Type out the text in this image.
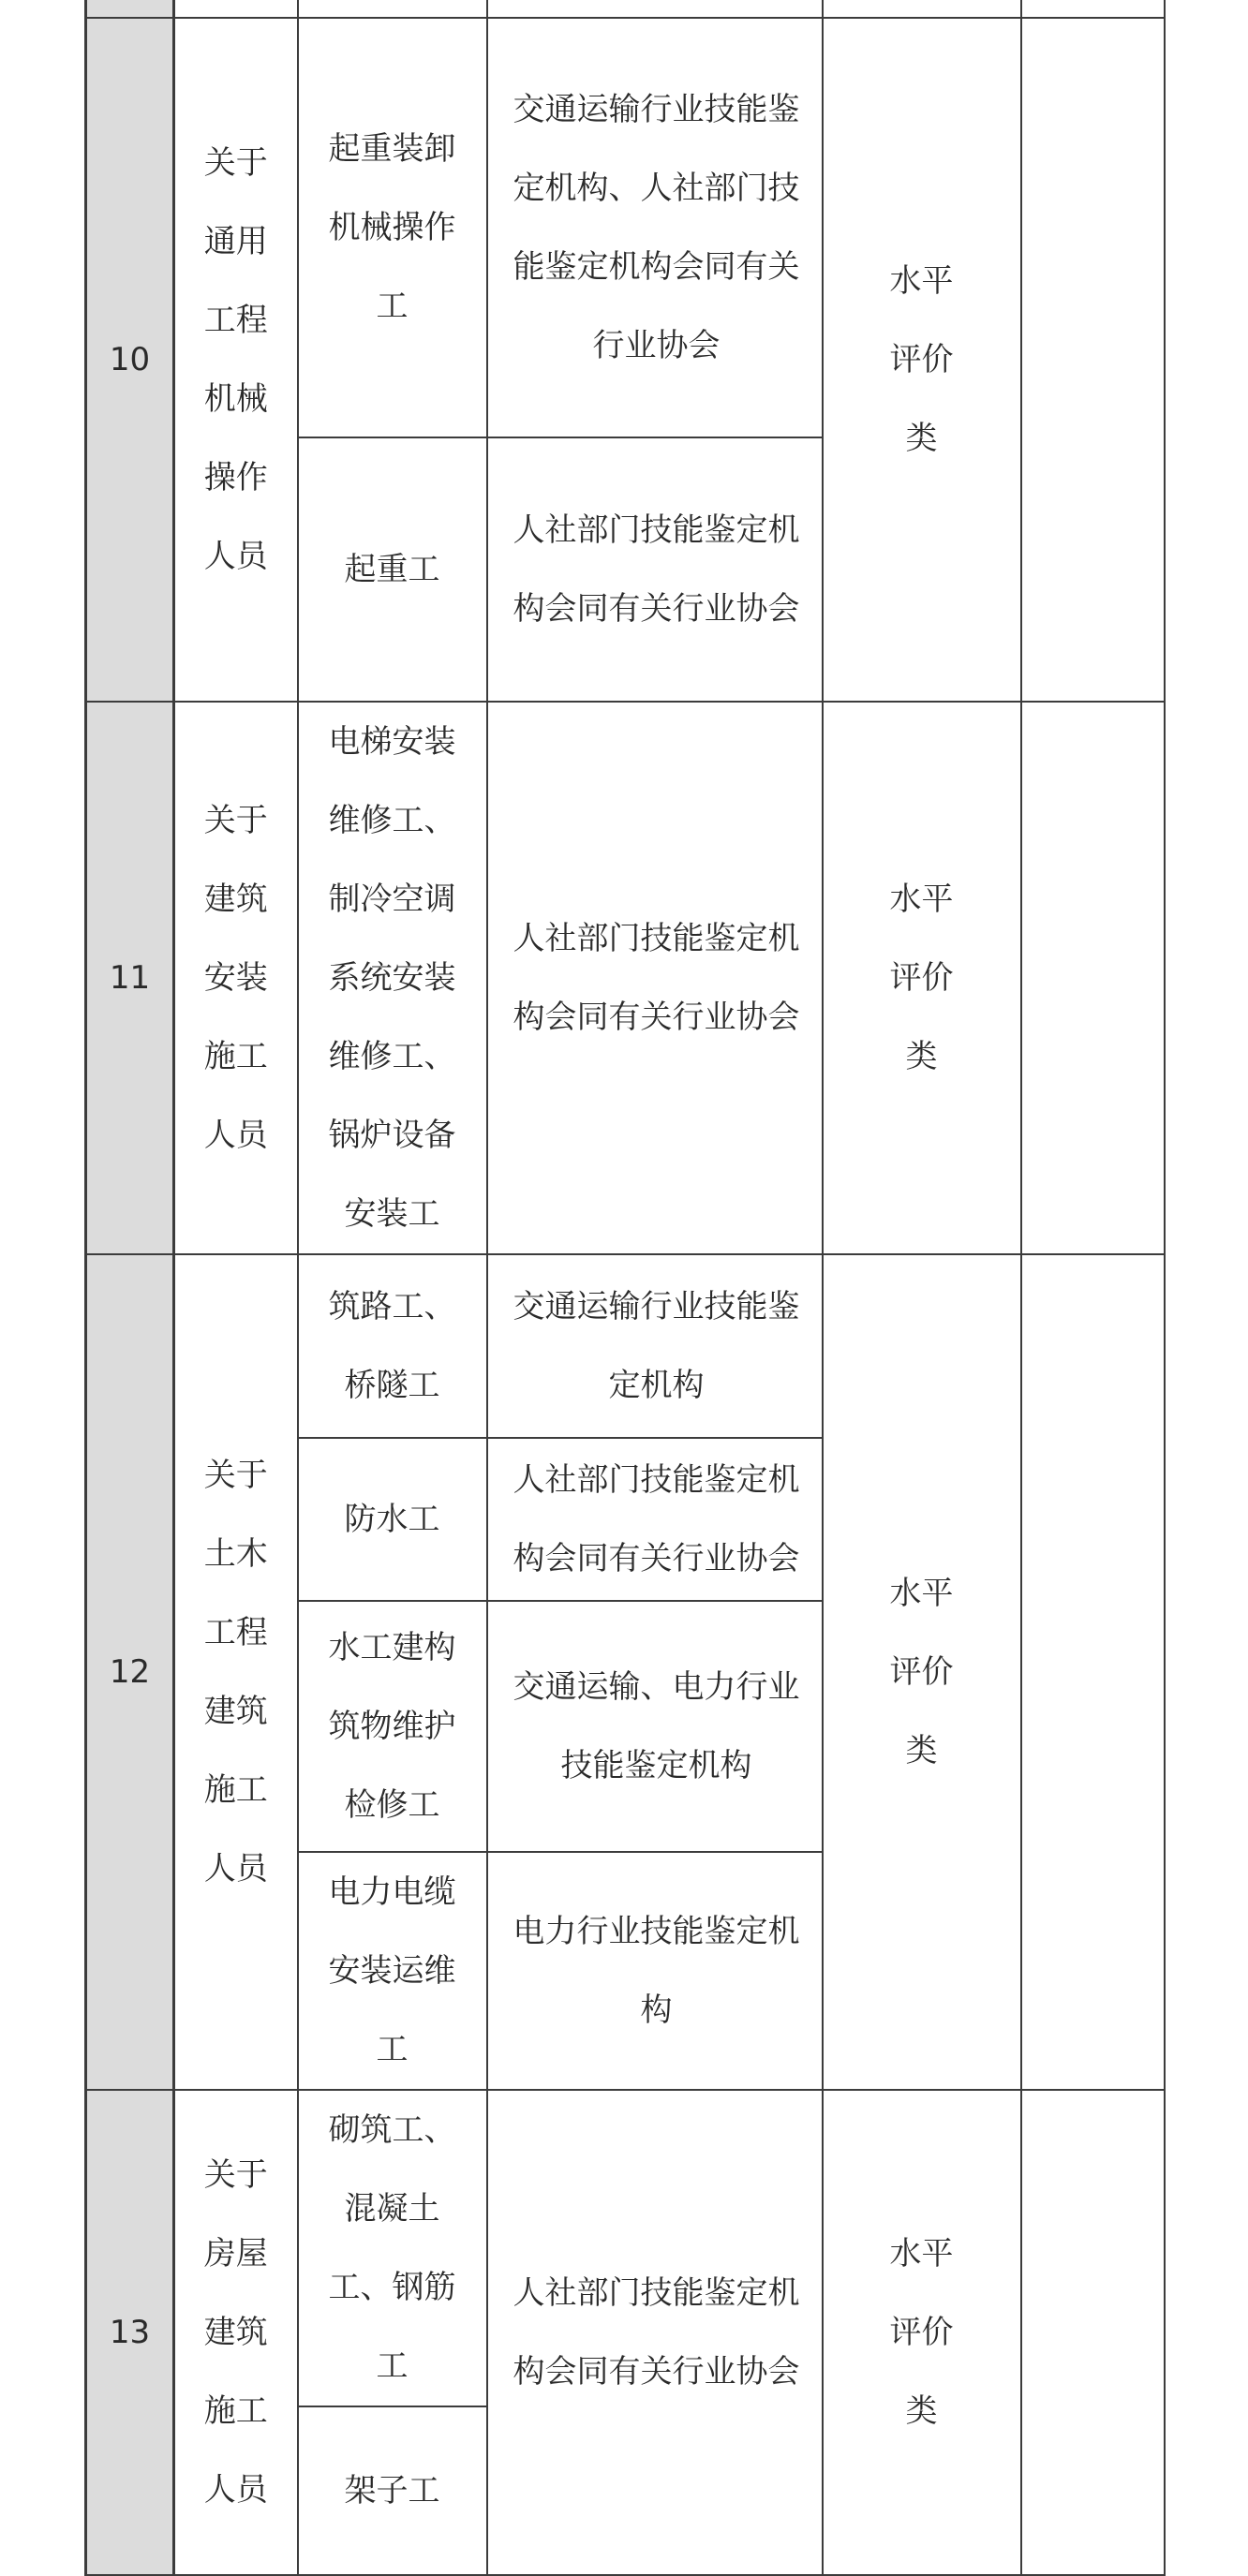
10	关于通用工程机械操作人员	起重装卸机械操作工	交通运输行业技能鉴定机构、人社部门技能鉴定机构会同有关行业协会	水平评价类	

		起重工	人社部门技能鉴定机构会同有关行业协会		

11	关于建筑安装施工人员	电梯安装维修工、制冷空调系统安装维修工、锅炉设备安装工	人社部门技能鉴定机构会同有关行业协会	水平评价类	

12	关于土木工程建筑施工人员	筑路工、桥隧工	交通运输行业技能鉴定机构	水平评价类	

		防水工	人社部门技能鉴定机构会同有关行业协会		

		水工建构筑物维护检修工	交通运输、电力行业技能鉴定机构		

		电力电缆安装运维工	电力行业技能鉴定机构		

13	关于房屋建筑施工人员	砌筑工、混凝土工、钢筋工	人社部门技能鉴定机构会同有关行业协会	水平评价类	

		架子工			
